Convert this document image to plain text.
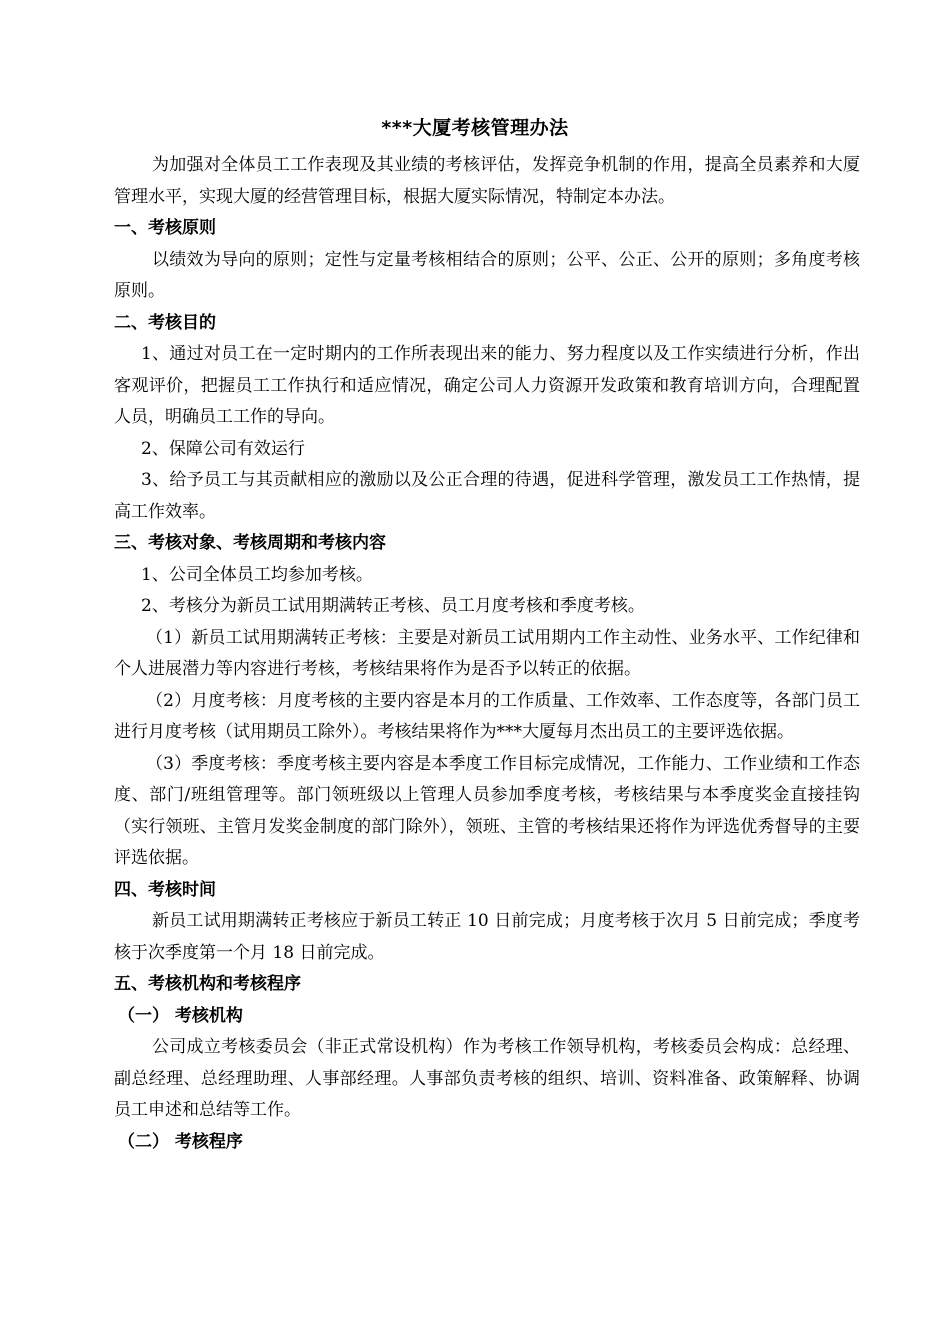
***大厦考核管理办法

为加强对全体员工工作表现及其业绩的考核评估，发挥竞争机制的作用，提高全员素养和大厦管理水平，实现大厦的经营管理目标，根据大厦实际情况，特制定本办法。

一、考核原则

以绩效为导向的原则；定性与定量考核相结合的原则；公平、公正、公开的原则；多角度考核原则。

二、考核目的

1、通过对员工在一定时期内的工作所表现出来的能力、努力程度以及工作实绩进行分析，作出客观评价，把握员工工作执行和适应情况，确定公司人力资源开发政策和教育培训方向，合理配置人员，明确员工工作的导向。

2、保障公司有效运行

3、给予员工与其贡献相应的激励以及公正合理的待遇，促进科学管理，激发员工工作热情，提高工作效率。

三、考核对象、考核周期和考核内容

1、公司全体员工均参加考核。

2、考核分为新员工试用期满转正考核、员工月度考核和季度考核。

（1）新员工试用期满转正考核：主要是对新员工试用期内工作主动性、业务水平、工作纪律和个人进展潜力等内容进行考核，考核结果将作为是否予以转正的依据。

（2）月度考核：月度考核的主要内容是本月的工作质量、工作效率、工作态度等，各部门员工进行月度考核（试用期员工除外）。考核结果将作为***大厦每月杰出员工的主要评选依据。

（3）季度考核：季度考核主要内容是本季度工作目标完成情况，工作能力、工作业绩和工作态度、部门/班组管理等。部门领班级以上管理人员参加季度考核，考核结果与本季度奖金直接挂钩（实行领班、主管月发奖金制度的部门除外），领班、主管的考核结果还将作为评选优秀督导的主要评选依据。

四、考核时间

新员工试用期满转正考核应于新员工转正 10 日前完成；月度考核于次月 5 日前完成；季度考核于次季度第一个月 18 日前完成。

五、考核机构和考核程序
（一） 考核机构

公司成立考核委员会（非正式常设机构）作为考核工作领导机构，考核委员会构成：总经理、副总经理、总经理助理、人事部经理。人事部负责考核的组织、培训、资料准备、政策解释、协调员工申述和总结等工作。

（二） 考核程序
